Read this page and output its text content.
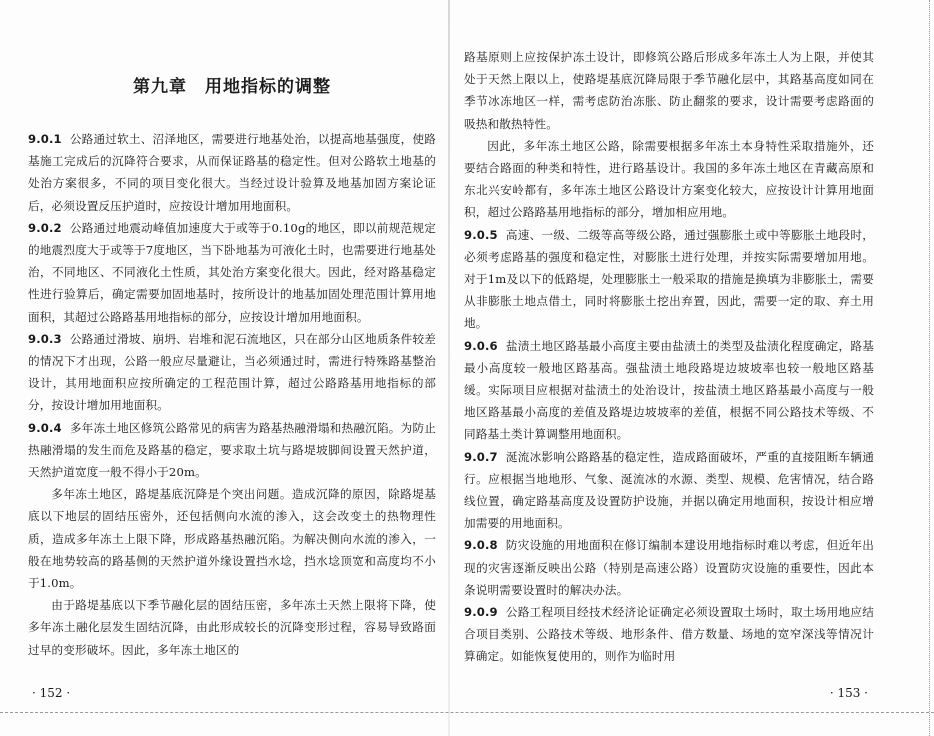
第九章　用地指标的调整

9.0.1 公路通过软土、沼泽地区，需要进行地基处治，以提高地基强度，使路基施工完成后的沉降符合要求，从而保证路基的稳定性。但对公路软土地基的处治方案很多，不同的项目变化很大。当经过设计验算及地基加固方案论证后，必须设置反压护道时，应按设计增加用地面积。

9.0.2 公路通过地震动峰值加速度大于或等于0.10g的地区，即以前规范规定的地震烈度大于或等于7度地区，当下卧地基为可液化土时，也需要进行地基处治，不同地区、不同液化土性质，其处治方案变化很大。因此，经对路基稳定性进行验算后，确定需要加固地基时，按所设计的地基加固处理范围计算用地面积，其超过公路路基用地指标的部分，应按设计增加用地面积。

9.0.3 公路通过滑坡、崩坍、岩堆和泥石流地区，只在部分山区地质条件较差的情况下才出现，公路一般应尽量避让，当必须通过时，需进行特殊路基整治设计，其用地面积应按所确定的工程范围计算，超过公路路基用地指标的部分，按设计增加用地面积。

9.0.4 多年冻土地区修筑公路常见的病害为路基热融滑塌和热融沉陷。为防止热融滑塌的发生而危及路基的稳定，要求取土坑与路堤坡脚间设置天然护道，天然护道宽度一般不得小于20m。

多年冻土地区，路堤基底沉降是个突出问题。造成沉降的原因，除路堤基底以下地层的固结压密外，还包括侧向水流的渗入，这会改变土的热物理性质，造成多年冻土上限下降，形成路基热融沉陷。为解决侧向水流的渗入，一般在地势较高的路基侧的天然护道外缘设置挡水埝，挡水埝顶宽和高度均不小于1.0m。

由于路堤基底以下季节融化层的固结压密，多年冻土天然上限将下降，使多年冻土融化层发生固结沉降，由此形成较长的沉降变形过程，容易导致路面过早的变形破坏。因此，多年冻土地区的

· 152 ·

路基原则上应按保护冻土设计，即修筑公路后形成多年冻土人为上限，并使其处于天然上限以上，使路堤基底沉降局限于季节融化层中，其路基高度如同在季节冰冻地区一样，需考虑防治冻胀、防止翻浆的要求，设计需要考虑路面的吸热和散热特性。

因此，多年冻土地区公路，除需要根据多年冻土本身特性采取措施外，还要结合路面的种类和特性，进行路基设计。我国的多年冻土地区在青藏高原和东北兴安岭都有，多年冻土地区公路设计方案变化较大，应按设计计算用地面积，超过公路路基用地指标的部分，增加相应用地。

9.0.5 高速、一级、二级等高等级公路，通过强膨胀土或中等膨胀土地段时，必须考虑路基的强度和稳定性，对膨胀土进行处理，并按实际需要增加用地。对于1m及以下的低路堤，处理膨胀土一般采取的措施是换填为非膨胀土，需要从非膨胀土地点借土，同时将膨胀土挖出弃置，因此，需要一定的取、弃土用地。

9.0.6 盐渍土地区路基最小高度主要由盐渍土的类型及盐渍化程度确定，路基最小高度较一般地区路基高。强盐渍土地段路堤边坡坡率也较一般地区路基缓。实际项目应根据对盐渍土的处治设计，按盐渍土地区路基最小高度与一般地区路基最小高度的差值及路堤边坡坡率的差值，根据不同公路技术等级、不同路基土类计算调整用地面积。

9.0.7 涎流冰影响公路路基的稳定性，造成路面破坏，严重的直接阻断车辆通行。应根据当地地形、气象、涎流冰的水源、类型、规模、危害情况，结合路线位置，确定路基高度及设置防护设施，并据以确定用地面积，按设计相应增加需要的用地面积。

9.0.8 防灾设施的用地面积在修订编制本建设用地指标时难以考虑，但近年出现的灾害逐渐反映出公路（特别是高速公路）设置防灾设施的重要性，因此本条说明需要设置时的解决办法。

9.0.9 公路工程项目经技术经济论证确定必须设置取土场时，取土场用地应结合项目类别、公路技术等级、地形条件、借方数量、场地的宽窄深浅等情况计算确定。如能恢复使用的，则作为临时用

· 153 ·
